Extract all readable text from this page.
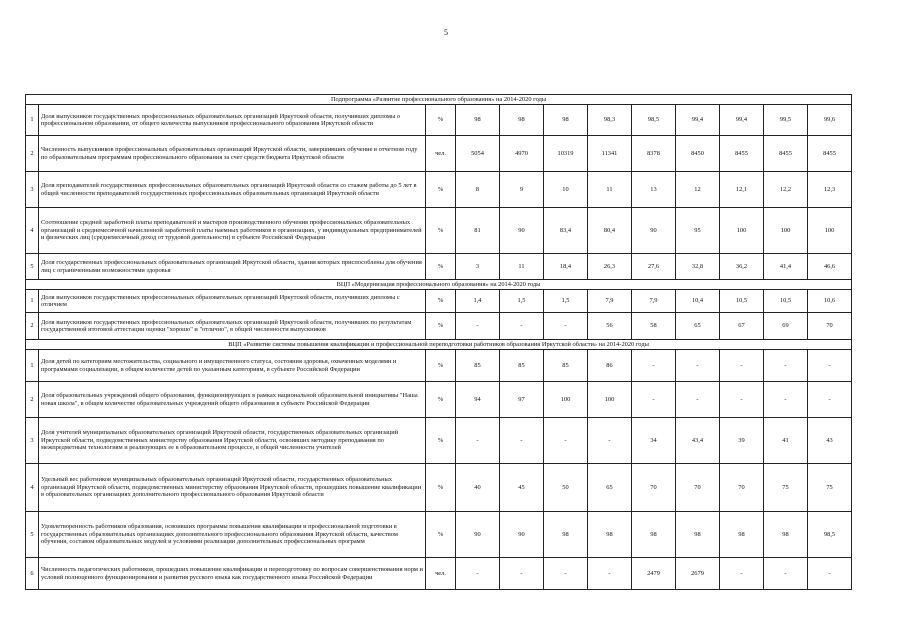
5
Подпрограмма «Развитие профессионального образования» на 2014-2020 годы											
1	Доля выпускников государственных профессиональных образовательных организаций Иркутской области, получивших дипломы о профессиональном образовании, от общего количества выпускников профессионального образования Иркутской области	%	98	98	98	98,3	98,5	99,4	99,4	99,5	99,6
2	Численность выпускников профессиональных образовательных организаций Иркутской области, завершивших обучение в отчетном году по образовательным программам профессионального образования за счет средств бюджета Иркутской области	чел.	5054	4970	10319	11341	8378	8450	8455	8455	8455
3	Доля преподавателей государственных профессиональных образовательных организаций Иркутской области со стажем работы до 5 лет в общей численности преподавателей государственных профессиональных образовательных организаций Иркутской области	%	8	9	10	11	13	12	12,1	12,2	12,3
4	Соотношение средней заработной платы преподавателей и мастеров производственного обучения профессиональных образовательных организаций и среднемесячной начисленной заработной платы наемных работников в организациях, у индивидуальных предпринимателей и физических лиц (среднемесячный доход от трудовой деятельности) в субъекте Российской Федерации	%	81	90	83,4	80,4	90	95	100	100	100
5	Доля государственных профессиональных образовательных организаций Иркутской области, здания которых приспособлены для обучения лиц с ограниченными возможностями здоровья	%	3	11	18,4	26,3	27,6	32,8	36,2	41,4	46,6
ВЦП «Модернизация профессионального образования» на 2014-2020 годы											
1	Доля выпускников государственных профессиональных образовательных организаций Иркутской области, получивших дипломы с отличием	%	1,4	1,5	1,5	7,9	7,9	10,4	10,5	10,5	10,6
2	Доля выпускников государственных профессиональных образовательных организаций Иркутской области, получивших по результатам государственной итоговой аттестации оценки "хорошо" и "отлично", в общей численности выпускников	%	-	-	-	56	58	65	67	69	70
ВЦП «Развитие системы повышения квалификации и профессиональной переподготовки работников образования Иркутской области» на 2014-2020 годы											
1	Доля детей по категориям местожительства, социального и имущественного статуса, состояния здоровья, охваченных моделями и программами социализации, в общем количестве детей по указанным категориям, в субъекте Российской Федерации	%	85	85	85	86	-	-	-	-	-
2	Доля образовательных учреждений общего образования, функционирующих в рамках национальной образовательной инициативы "Наша новая школа", в общем количестве образовательных учреждений общего образования в субъекте Российской Федерации	%	94	97	100	100	-	-	-	-	-
3	Доля учителей муниципальных образовательных организаций Иркутской области, государственных образовательных организаций Иркутской области, подведомственных министерству образования Иркутской области, освоивших методику преподавания по межпредметным технологиям и реализующих ее в образовательном процессе, в общей численности учителей	%	-	-	-	-	34	43,4	39	41	43
4	Удельный вес работников муниципальных образовательных организаций Иркутской области, государственных образовательных организаций Иркутской области, подведомственных министерству образования Иркутской области, прошедших повышение квалификации в образовательных организациях дополнительного профессионального образования Иркутской области	%	40	45	50	65	70	70	70	75	75
5	Удовлетворенность работников образования, освоивших программы повышения квалификации и профессиональной подготовки в государственных образовательных организациях дополнительного профессионального образования Иркутской области, качеством обучения, составом образовательных модулей и условиями реализации дополнительных профессиональных программ	%	90	90	98	98	98	98	98	98	98,5
6	Численность педагогических работников, прошедших повышение квалификации и переподготовку по вопросам совершенствования норм и условий полноценного функционирования и развития русского языка как государственного языка Российской Федерации	чел.	-	-	-	-	2479	2679	-	-	-
